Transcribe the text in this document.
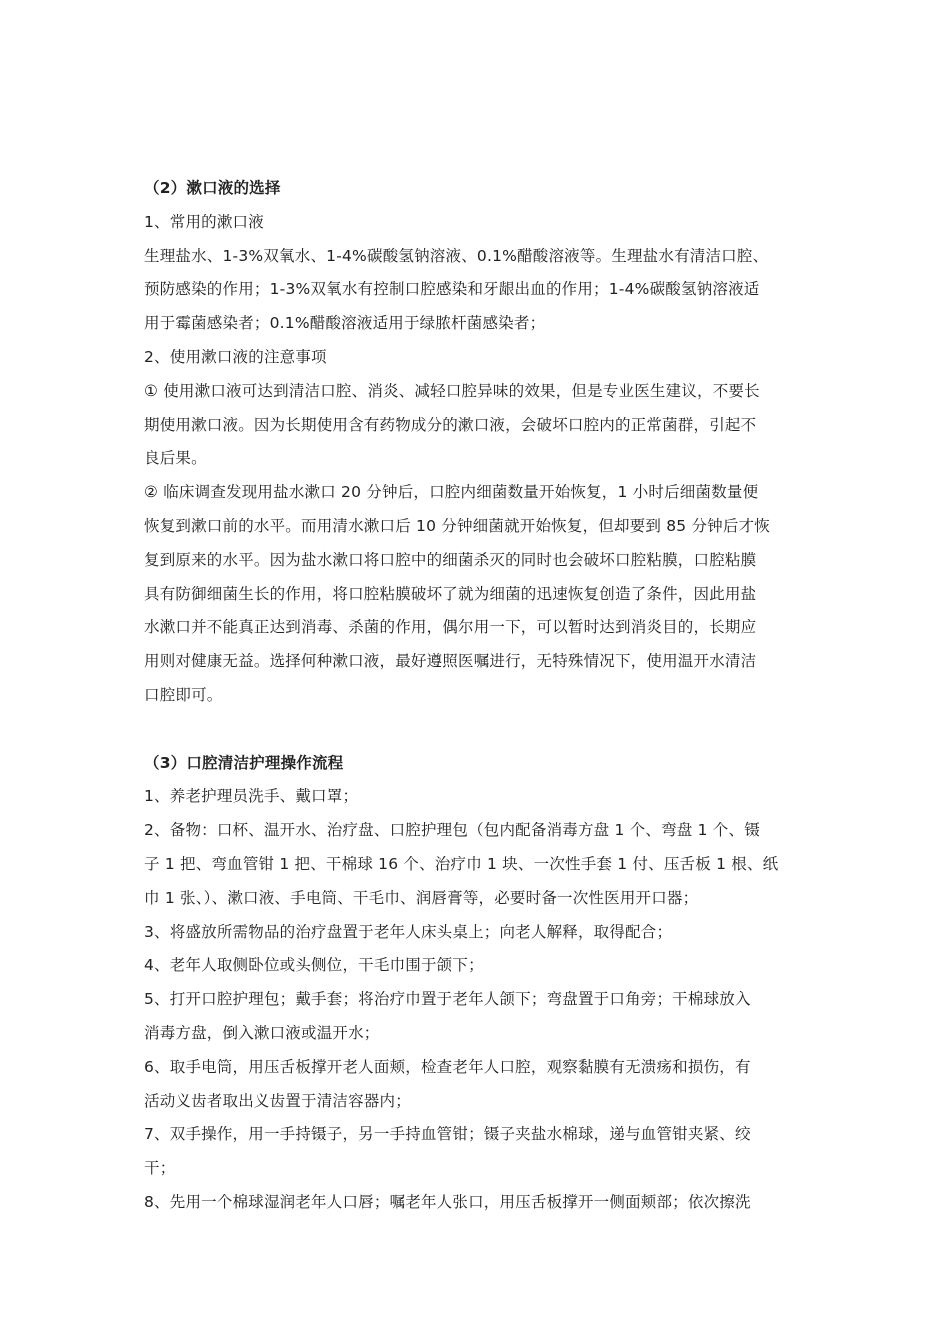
（2）漱口液的选择
1、常用的漱口液
生理盐水、1-3%双氧水、1-4%碳酸氢钠溶液、0.1%醋酸溶液等。生理盐水有清洁口腔、
预防感染的作用；1-3%双氧水有控制口腔感染和牙龈出血的作用；1-4%碳酸氢钠溶液适
用于霉菌感染者；0.1%醋酸溶液适用于绿脓杆菌感染者；
2、使用漱口液的注意事项
① 使用漱口液可达到清洁口腔、消炎、减轻口腔异味的效果，但是专业医生建议，不要长
期使用漱口液。因为长期使用含有药物成分的漱口液，会破坏口腔内的正常菌群，引起不
良后果。
② 临床调查发现用盐水漱口 20 分钟后，口腔内细菌数量开始恢复，1 小时后细菌数量便
恢复到漱口前的水平。而用清水漱口后 10 分钟细菌就开始恢复，但却要到 85 分钟后才恢
复到原来的水平。因为盐水漱口将口腔中的细菌杀灭的同时也会破坏口腔粘膜，口腔粘膜
具有防御细菌生长的作用，将口腔粘膜破坏了就为细菌的迅速恢复创造了条件，因此用盐
水漱口并不能真正达到消毒、杀菌的作用，偶尔用一下，可以暂时达到消炎目的，长期应
用则对健康无益。选择何种漱口液，最好遵照医嘱进行，无特殊情况下，使用温开水清洁
口腔即可。
（3）口腔清洁护理操作流程
1、养老护理员洗手、戴口罩；
2、备物：口杯、温开水、治疗盘、口腔护理包（包内配备消毒方盘 1 个、弯盘 1 个、镊
子 1 把、弯血管钳 1 把、干棉球 16 个、治疗巾 1 块、一次性手套 1 付、压舌板 1 根、纸
巾 1 张、）、漱口液、手电筒、干毛巾、润唇膏等，必要时备一次性医用开口器；
3、将盛放所需物品的治疗盘置于老年人床头桌上；向老人解释，取得配合；
4、老年人取侧卧位或头侧位，干毛巾围于颌下；
5、打开口腔护理包；戴手套；将治疗巾置于老年人颌下；弯盘置于口角旁；干棉球放入
消毒方盘，倒入漱口液或温开水；
6、取手电筒，用压舌板撑开老人面颊，检查老年人口腔，观察黏膜有无溃疡和损伤，有
活动义齿者取出义齿置于清洁容器内；
7、双手操作，用一手持镊子，另一手持血管钳；镊子夹盐水棉球，递与血管钳夹紧、绞
干；
8、先用一个棉球湿润老年人口唇；嘱老年人张口，用压舌板撑开一侧面颊部；依次擦洗
